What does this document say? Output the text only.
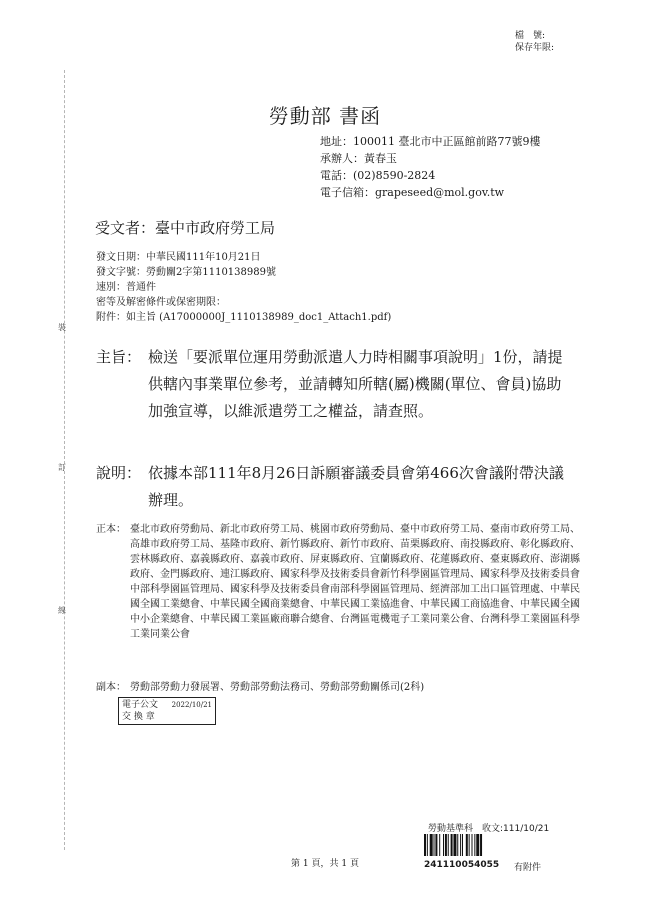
裝
訂
線
檔　號:
保存年限:
勞動部 書函
地址：100011 臺北市中正區館前路77號9樓
承辦人：黃春玉
電話：(02)8590-2824
電子信箱：grapeseed@mol.gov.tw
受文者：臺中市政府勞工局
發文日期：中華民國111年10月21日
發文字號：勞動關2字第1110138989號
速別：普通件
密等及解密條件或保密期限：
附件：如主旨 (A17000000J_1110138989_doc1_Attach1.pdf)
主旨： 檢送「要派單位運用勞動派遣人力時相關事項說明」1份，請提供轄內事業單位參考，並請轉知所轄(屬)機關(單位、會員)協助加強宣導，以維派遣勞工之權益，請查照。
說明： 依據本部111年8月26日訴願審議委員會第466次會議附帶決議辦理。
正本： 臺北市政府勞動局、新北市政府勞工局、桃園市政府勞動局、臺中市政府勞工局、臺南市政府勞工局、高雄市政府勞工局、基隆市政府、新竹縣政府、新竹市政府、苗栗縣政府、南投縣政府、彰化縣政府、雲林縣政府、嘉義縣政府、嘉義市政府、屏東縣政府、宜蘭縣政府、花蓮縣政府、臺東縣政府、澎湖縣政府、金門縣政府、連江縣政府、國家科學及技術委員會新竹科學園區管理局、國家科學及技術委員會中部科學園區管理局、國家科學及技術委員會南部科學園區管理局、經濟部加工出口區管理處、中華民國全國工業總會、中華民國全國商業總會、中華民國工業協進會、中華民國工商協進會、中華民國全國中小企業總會、中華民國工業區廠商聯合總會、台灣區電機電子工業同業公會、台灣科學工業園區科學工業同業公會
副本： 勞動部勞動力發展署、勞動部勞動法務司、勞動部勞動關係司(2科)
電子公文 2022/10/21
交 換 章
第 1 頁，共 1 頁
勞動基準科　收文:111/10/21
241110054055 有附件
